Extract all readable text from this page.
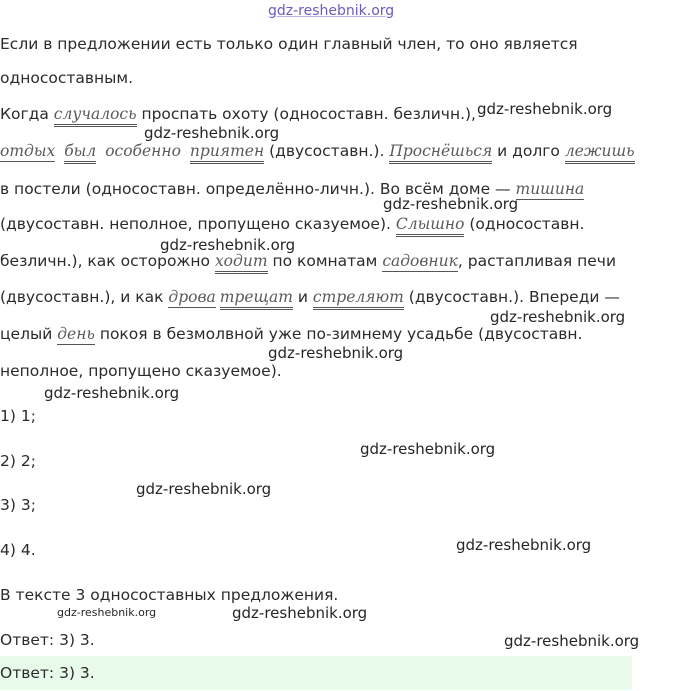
gdz-reshebnik.org
Если в предложении есть только один главный член, то оно является
односоставным.
Когда случалось проспать охоту (односоставн. безличн.),
отдых был особенно приятен (двусоставн.). Проснёшься и долго лежишь
в постели (односоставн. определённо-личн.). Во всём доме — тишина
(двусоставн. неполное, пропущено сказуемое). Слышно (односоставн.
безличн.), как осторожно ходит по комнатам садовник, растапливая печи
(двусоставн.), и как дрова трещат и стреляют (двусоставн.). Впереди —
целый день покоя в безмолвной уже по-зимнему усадьбе (двусоставн.
неполное, пропущено сказуемое).
1) 1;
2) 2;
3) 3;
4) 4.
В тексте 3 односоставных предложения.
Ответ: 3) 3.
Ответ: 3) 3.
gdz-reshebnik.org
gdz-reshebnik.org
gdz-reshebnik.org
gdz-reshebnik.org
gdz-reshebnik.org
gdz-reshebnik.org
gdz-reshebnik.org
gdz-reshebnik.org
gdz-reshebnik.org
gdz-reshebnik.org
gdz-reshebnik.org	gdz-reshebnik.org
gdz-reshebnik.org
